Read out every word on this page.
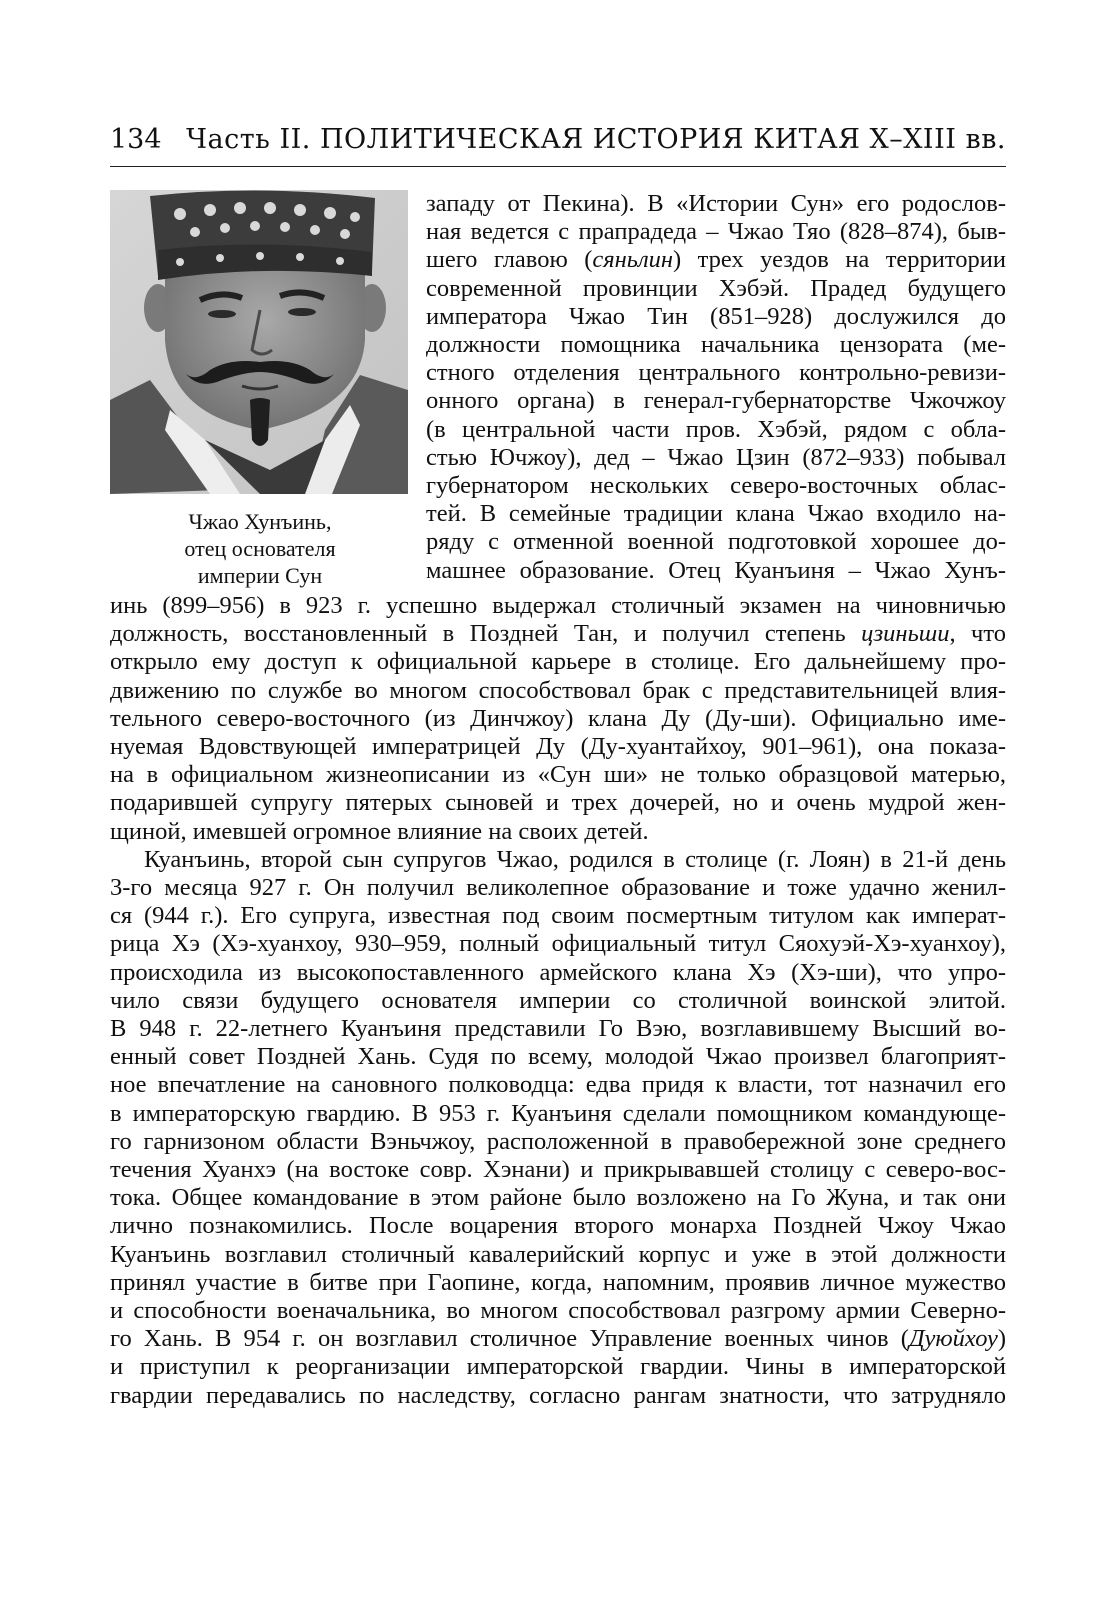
134 Часть II. ПОЛИТИЧЕСКАЯ ИСТОРИЯ КИТАЯ X–XIII вв.
Чжао Хунъинь,
отец основателя
империи Сун
западу от Пекина). В «Истории Сун» его родослов-
ная ведется с прапрадеда – Чжао Тяо (828–874), быв-
шего главою (сяньлин) трех уездов на территории
современной провинции Хэбэй. Прадед будущего
императора Чжао Тин (851–928) дослужился до
должности помощника начальника цензората (ме-
стного отделения центрального контрольно-ревизи-
онного органа) в генерал-губернаторстве Чжочжоу
(в центральной части пров. Хэбэй, рядом с обла-
стью Ючжоу), дед – Чжао Цзин (872–933) побывал
губернатором нескольких северо-восточных облас-
тей. В семейные традиции клана Чжао входило на-
ряду с отменной военной подготовкой хорошее до-
машнее образование. Отец Куанъиня – Чжао Хунъ-
инь (899–956) в 923 г. успешно выдержал столичный экзамен на чиновничью
должность, восстановленный в Поздней Тан, и получил степень цзиньши, что
открыло ему доступ к официальной карьере в столице. Его дальнейшему про-
движению по службе во многом способствовал брак с представительницей влия-
тельного северо-восточного (из Динчжоу) клана Ду (Ду-ши). Официально име-
нуемая Вдовствующей императрицей Ду (Ду-хуантайхоу, 901–961), она показа-
на в официальном жизнеописании из «Сун ши» не только образцовой матерью,
подарившей супругу пятерых сыновей и трех дочерей, но и очень мудрой жен-
щиной, имевшей огромное влияние на своих детей.
Куанъинь, второй сын супругов Чжао, родился в столице (г. Лоян) в 21-й день
3-го месяца 927 г. Он получил великолепное образование и тоже удачно женил-
ся (944 г.). Его супруга, известная под своим посмертным титулом как императ-
рица Хэ (Хэ-хуанхоу, 930–959, полный официальный титул Сяохуэй-Хэ-хуанхоу),
происходила из высокопоставленного армейского клана Хэ (Хэ-ши), что упро-
чило связи будущего основателя империи со столичной воинской элитой.
В 948 г. 22-летнего Куанъиня представили Го Вэю, возглавившему Высший во-
енный совет Поздней Хань. Судя по всему, молодой Чжао произвел благоприят-
ное впечатление на сановного полководца: едва придя к власти, тот назначил его
в императорскую гвардию. В 953 г. Куанъиня сделали помощником командующе-
го гарнизоном области Вэньчжоу, расположенной в правобережной зоне среднего
течения Хуанхэ (на востоке совр. Хэнани) и прикрывавшей столицу с северо-вос-
тока. Общее командование в этом районе было возложено на Го Жуна, и так они
лично познакомились. После воцарения второго монарха Поздней Чжоу Чжао
Куанъинь возглавил столичный кавалерийский корпус и уже в этой должности
принял участие в битве при Гаопине, когда, напомним, проявив личное мужество
и способности военачальника, во многом способствовал разгрому армии Северно-
го Хань. В 954 г. он возглавил столичное Управление военных чинов (Дуюйхоу)
и приступил к реорганизации императорской гвардии. Чины в императорской
гвардии передавались по наследству, согласно рангам знатности, что затрудняло
